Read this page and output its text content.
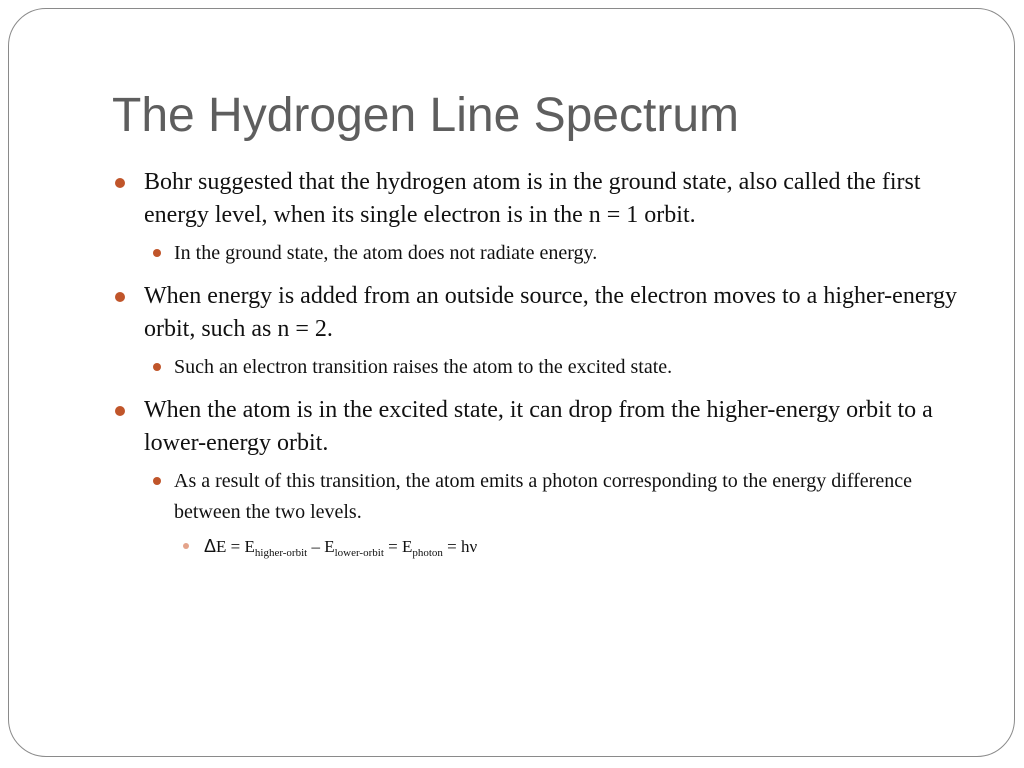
The Hydrogen Line Spectrum
Bohr suggested that the hydrogen atom is in the ground state, also called the first energy level, when its single electron is in the n = 1 orbit.
In the ground state, the atom does not radiate energy.
When energy is added from an outside source, the electron moves to a higher-energy orbit, such as n = 2.
Such an electron transition raises the atom to the excited state.
When the atom is in the excited state, it can drop from the higher-energy orbit to a lower-energy orbit.
As a result of this transition, the atom emits a photon corresponding to the energy difference between the two levels.
$\Delta E = E_{higher-orbit} - E_{lower-orbit} = E_{photon} = h\nu$
